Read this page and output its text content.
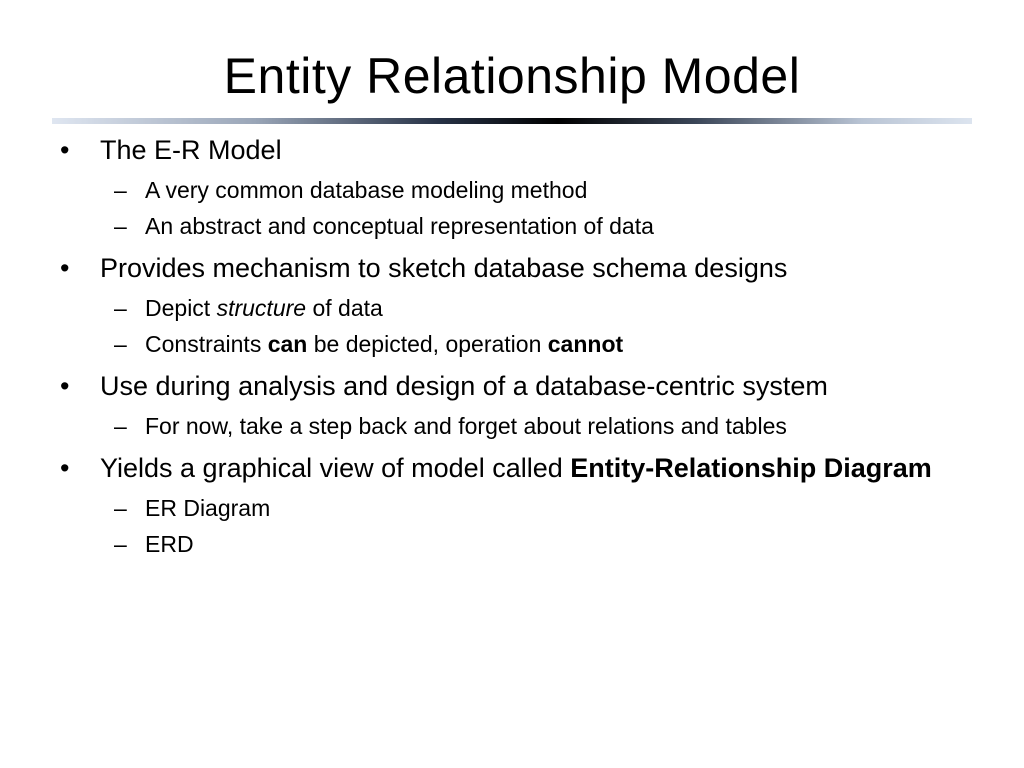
Entity Relationship Model
• The E-R Model
– A very common database modeling method
– An abstract and conceptual representation of data
• Provides mechanism to sketch database schema designs
– Depict structure of data
– Constraints can be depicted, operation cannot
• Use during analysis and design of a database-centric system
– For now, take a step back and forget about relations and tables
• Yields a graphical view of model called Entity-Relationship Diagram
– ER Diagram
– ERD
